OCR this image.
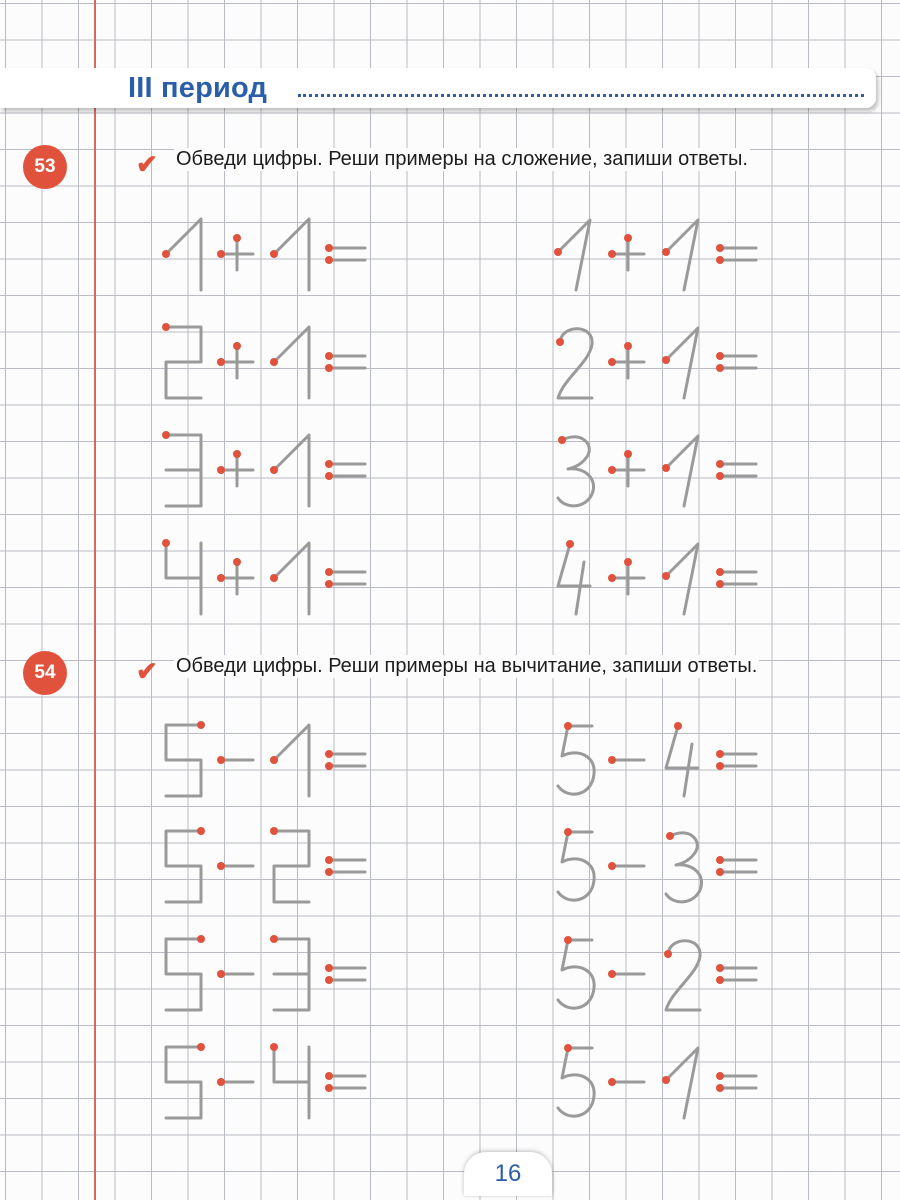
III период
53	✔ Обведи цифры. Реши примеры на сложение, запиши ответы.
54	✔ Обведи цифры. Реши примеры на вычитание, запиши ответы.
16
